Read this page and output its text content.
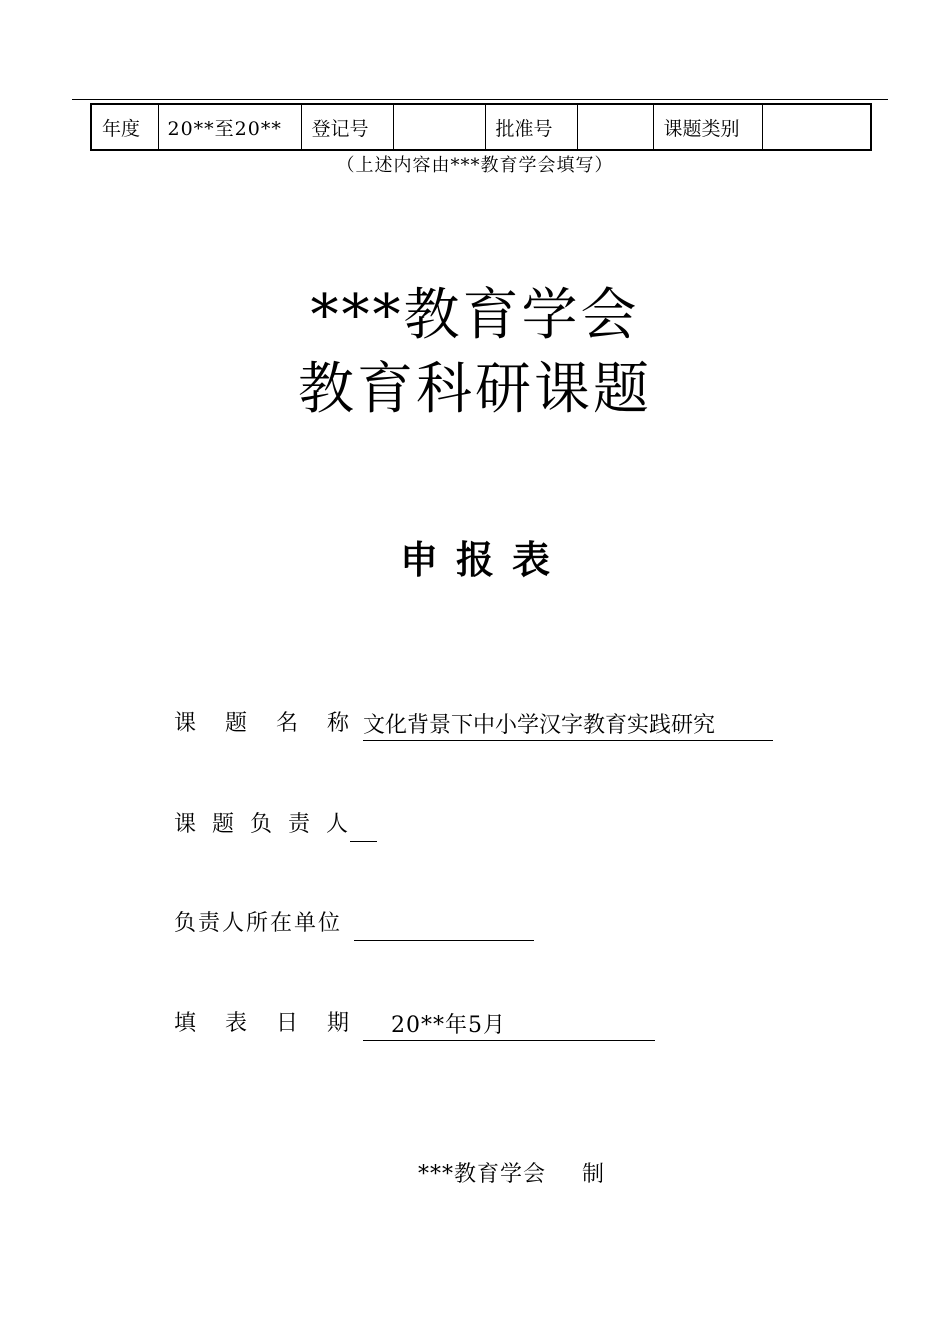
年度	20**至20**	登记号		批准号		课题类别	
（上述内容由***教育学会填写）
***教育学会
教育科研课题
申报表
课题名称文化背景下中小学汉字教育实践研究
课题负责人
负责人所在单位
填表日期 20**年5月
***教育学会 制
